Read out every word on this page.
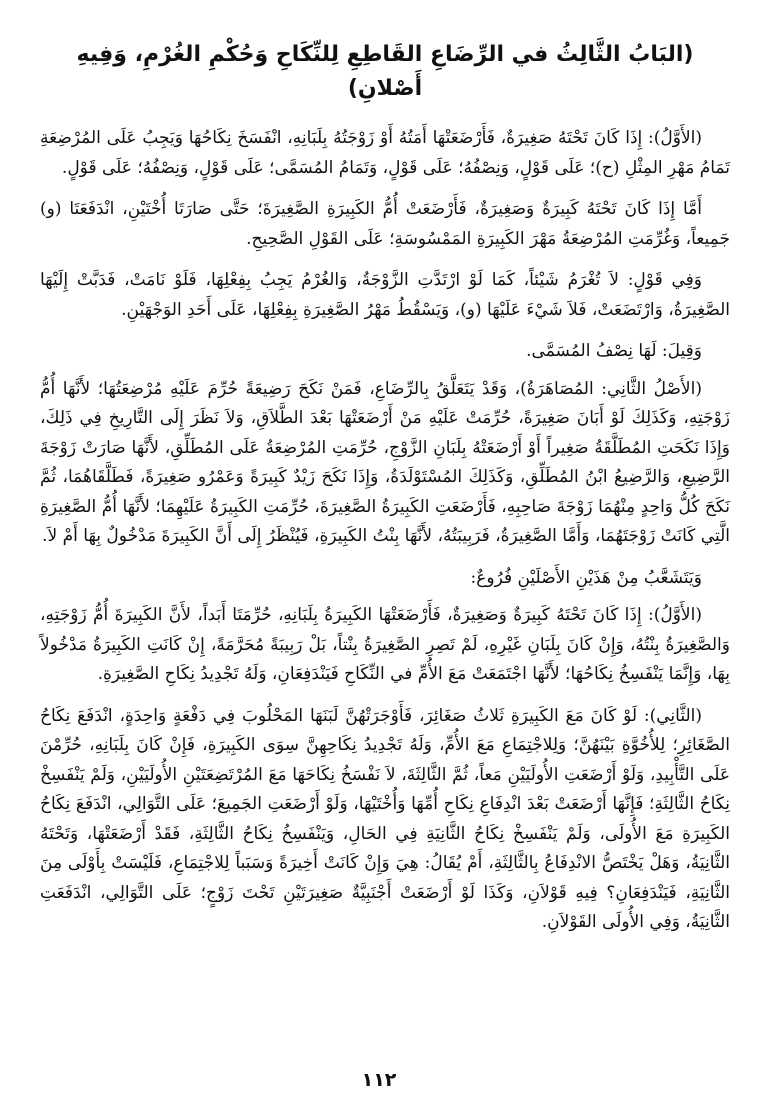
(البَابُ الثَّالِثُ في الرِّضَاعِ القَاطِعِ لِلنِّكَاحِ وَحُكْمِ الغُرْمِ، وَفِيهِ أَصْلانِ)

(الأَوَّلُ): إِذَا كَانَ تَحْتَهُ صَغِيرَةٌ، فَأَرْضَعَتْهَا أَمَتُهُ أَوْ زَوْجَتُهُ بِلَبَانِهِ، انْفَسَخَ نِكَاحُهَا وَيَجِبُ عَلَى المُرْضِعَةِ تَمَامُ مَهْرِ المِثْلِ (ح)؛ عَلَى قَوْلٍ، وَنِصْفُهُ؛ عَلَى قَوْلٍ، وَتَمَامُ المُسَمَّى؛ عَلَى قَوْلٍ، وَنِصْفُهُ؛ عَلَى قَوْلٍ.

أَمَّا إِذَا كَانَ تَحْتَهُ كَبِيرَةٌ وَصَغِيرَةٌ، فَأَرْضَعَتْ أُمُّ الكَبِيرَةِ الصَّغِيرَةَ؛ حَتَّى صَارَتَا أُخْتَيْنِ، انْدَفَعَتَا (و) جَمِيعاً، وَغُرِّمَتِ المُرْضِعَةُ مَهْرَ الكَبِيرَةِ المَمْسُوسَةِ؛ عَلَى القَوْلِ الصَّحِيحِ.

وَفِي قَوْلٍ: لاَ تُغْرَمُ شَيْئاً، كَمَا لَوْ ارْتَدَّتِ الزَّوْجَةُ، وَالغُرْمُ يَجِبُ بِفِعْلِهَا، فَلَوْ نَامَتْ، فَدَبَّتْ إِلَيْهَا الصَّغِيرَةُ، وَارْتَضَعَتْ، فَلاَ شَيْءَ عَلَيْهَا (و)، وَيَسْقُطُ مَهْرُ الصَّغِيرَةِ بِفِعْلِهَا، عَلَى أَحَدِ الوَجْهَيْنِ.

وَقِيلَ: لَهَا نِصْفُ المُسَمَّى.

(الأَصْلُ الثَّانِي: المُصَاهَرَةُ)، وَقَدْ يَتَعَلَّقُ بِالرِّضَاعِ، فَمَنْ نَكَحَ رَضِيعَةً حُرِّمَ عَلَيْهِ مُرْضِعَتُهَا؛ لأَنَّهَا أُمُّ زَوْجَتِهِ، وَكَذَلِكَ لَوْ أَبَانَ صَغِيرَةً، حُرِّمَتْ عَلَيْهِ مَنْ أَرْضَعَتْهَا بَعْدَ الطَّلاَقِ، وَلاَ نَظَرَ إِلَى التَّارِيخِ فِي ذَلِكَ، وَإِذَا نَكَحَتِ المُطَلَّقَةُ صَغِيراً أَوْ أَرْضَعَتْهُ بِلَبَانِ الزَّوْجِ، حُرِّمَتِ المُرْضِعَةُ عَلَى المُطَلِّقِ، لأَنَّهَا صَارَتْ زَوْجَةَ الرَّضِيعِ، وَالرَّضِيعُ ابْنُ المُطَلِّقِ، وَكَذَلِكَ المُسْتَوْلَدَةُ، وَإِذَا نَكَحَ زَيْدٌ كَبِيرَةً وَعَمْرُو صَغِيرَةً، فَطَلَّقَاهُمَا، ثُمَّ نَكَحَ كُلُّ وَاحِدٍ مِنْهُمَا زَوْجَةَ صَاحِبِهِ، فَأَرْضَعَتِ الكَبِيرَةُ الصَّغِيرَةَ، حُرِّمَتِ الكَبِيرَةُ عَلَيْهِمَا؛ لأَنَّهَا أُمُّ الصَّغِيرَةِ الَّتِي كَانَتْ زَوْجَتَهُمَا، وَأَمَّا الصَّغِيرَةُ، فَرَبِيبَتُهُ، لأَنَّهَا بِنْتُ الكَبِيرَةِ، فَيُنْظَرُ إِلَى أَنَّ الكَبِيرَةَ مَدْخُولٌ بِهَا أَمْ لاَ.

وَيَتَشَعَّبُ مِنْ هَذَيْنِ الأَصْلَيْنِ فُرُوعٌ:

(الأَوَّلُ): إِذَا كَانَ تَحْتَهُ كَبِيرَةٌ وَصَغِيرَةٌ، فَأَرْضَعَتْهَا الكَبِيرَةُ بِلَبَانِهِ، حُرِّمَتَا أَبَداً، لأَنَّ الكَبِيرَةَ أُمُّ زَوْجَتِهِ، وَالصَّغِيرَةُ بِنْتُهُ، وَإِنْ كَانَ بِلَبَانِ غَيْرِهِ، لَمْ تَصِرِ الصَّغِيرَةُ بِنْتاً، بَلْ رَبِيبَةً مُحَرَّمَةً، إِنْ كَانَتِ الكَبِيرَةُ مَدْخُولاً بِهَا، وَإِنَّمَا يَنْفَسِخُ نِكَاحُهَا؛ لأَنَّهَا اجْتَمَعَتْ مَعَ الأُمِّ في النِّكَاحِ فَيَنْدَفِعَانِ، وَلَهُ تَجْدِيدُ نِكَاحِ الصَّغِيرَةِ.

(الثَّانِي): لَوْ كَانَ مَعَ الكَبِيرَةِ ثَلاثُ صَغَائِرَ، فَأَوْجَرَتْهُنَّ لَبَنَهَا المَحْلُوبَ فِي دَفْعَةٍ وَاحِدَةٍ، انْدَفَعَ نِكَاحُ الصَّغَائِرِ؛ لِلأُخُوَّةِ بَيْنَهُنَّ؛ وَلِلاجْتِمَاعِ مَعَ الأُمِّ، وَلَهُ تَجْدِيدُ نِكَاحِهِنَّ سِوَى الكَبِيرَةِ، فَإِنْ كَانَ بِلَبَانِهِ، حُرِّمْنَ عَلَى التَّأْبِيدِ، وَلَوْ أَرْضَعَتِ الأُولَيَيْنِ مَعاً، ثُمَّ الثَّالِثَةَ، لاَ نَفْسَخُ نِكَاحَهَا مَعَ المُرْتَضِعَتَيْنِ الأُولَيَيْنِ، وَلَمْ يَنْفَسِخْ نِكَاحُ الثَّالِثَةِ؛ فَإِنَّهَا أَرْضَعَتْ بَعْدَ انْدِفَاعِ نِكَاحِ أُمِّهَا وَأُخْتَيْهَا، وَلَوْ أَرْضَعَتِ الجَمِيعَ؛ عَلَى التَّوَالِي، انْدَفَعَ نِكَاحُ الكَبِيرَةِ مَعَ الأُولَى، وَلَمْ يَنْفَسِخْ نِكَاحُ الثَّانِيَةِ فِي الحَالِ، وَيَنْفَسِخُ نِكَاحُ الثَّالِثَةِ، فَقَدْ أَرْضَعَتْهَا، وَتَحْتَهُ الثَّانِيَةُ، وَهَلْ يَخْتَصُّ الانْدِفَاعُ بِالثَّالِثَةِ، أَمْ يُقَالُ: هِيَ وَإِنْ كَانَتْ أَخِيرَةً وَسَبَباً لِلاجْتِمَاعِ، فَلَيْسَتْ بِأَوْلَى مِنَ الثَّانِيَةِ، فَيَنْدَفِعَانِ؟ فِيهِ قَوْلاَنِ، وَكَذَا لَوْ أَرْضَعَتْ أَجْنَبِيَّةٌ صَغِيرَتَيْنِ تَحْتَ زَوْجٍ؛ عَلَى التَّوَالِي، انْدَفَعَتِ الثَّانِيَةُ، وَفِي الأُولَى القَوْلاَنِ.

١١٢
